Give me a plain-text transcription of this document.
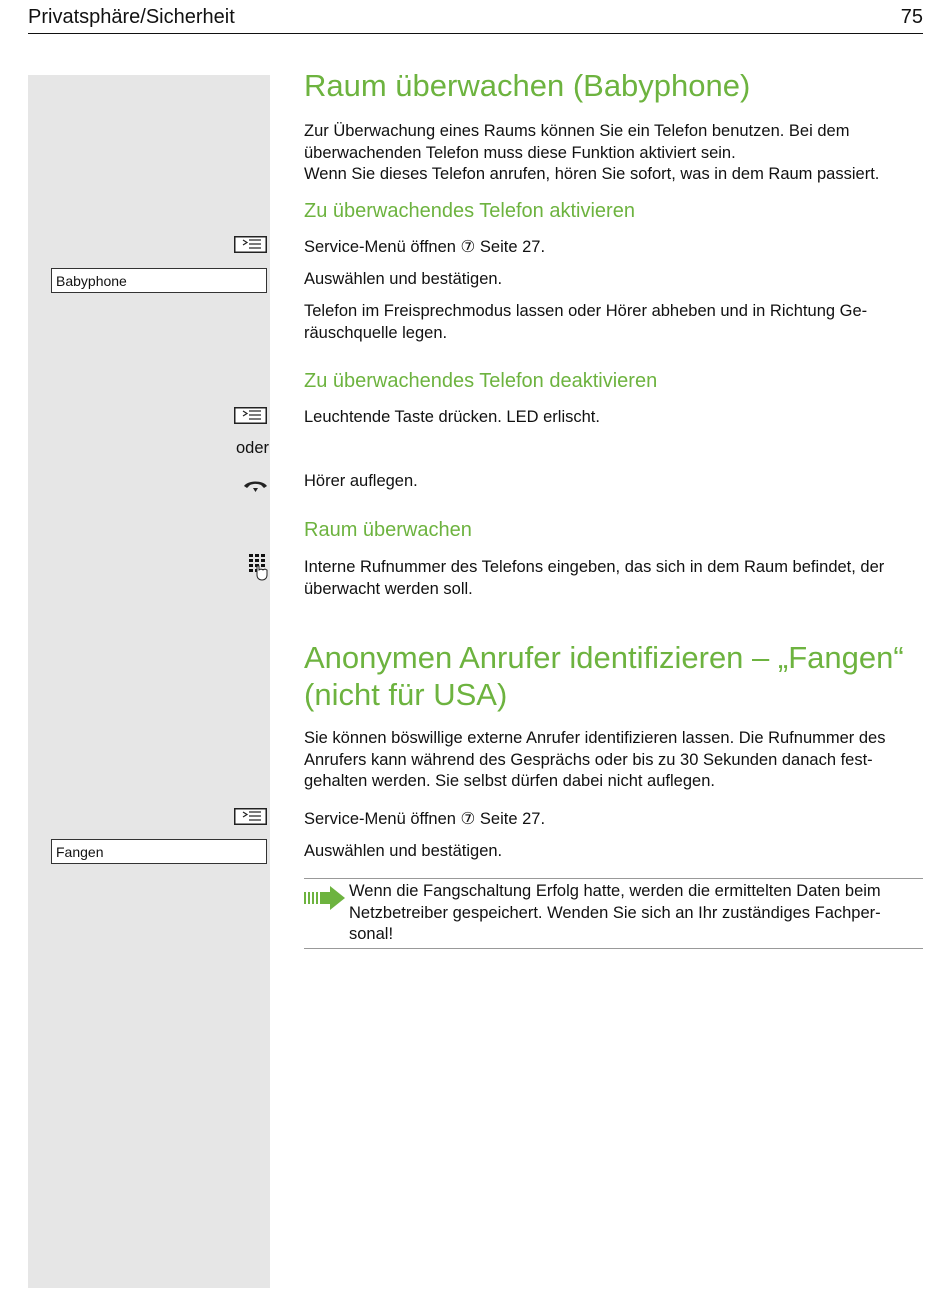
Privatsphäre/Sicherheit	75
Raum überwachen (Babyphone)
Zur Überwachung eines Raums können Sie ein Telefon benutzen. Bei dem
überwachenden Telefon muss diese Funktion aktiviert sein.
Wenn Sie dieses Telefon anrufen, hören Sie sofort, was in dem Raum passiert.
Zu überwachendes Telefon aktivieren
Service-Menü öffnen ⑦ Seite 27.
Babyphone	Auswählen und bestätigen.
Telefon im Freisprechmodus lassen oder Hörer abheben und in Richtung Ge-
räuschquelle legen.
Zu überwachendes Telefon deaktivieren
Leuchtende Taste drücken. LED erlischt.
oder
Hörer auflegen.
Raum überwachen
Interne Rufnummer des Telefons eingeben, das sich in dem Raum befindet, der
überwacht werden soll.
Anonymen Anrufer identifizieren – „Fangen“
(nicht für USA)
Sie können böswillige externe Anrufer identifizieren lassen. Die Rufnummer des
Anrufers kann während des Gesprächs oder bis zu 30 Sekunden danach fest-
gehalten werden. Sie selbst dürfen dabei nicht auflegen.
Service-Menü öffnen ⑦ Seite 27.
Fangen	Auswählen und bestätigen.
Wenn die Fangschaltung Erfolg hatte, werden die ermittelten Daten beim
Netzbetreiber gespeichert. Wenden Sie sich an Ihr zuständiges Fachper-
sonal!
